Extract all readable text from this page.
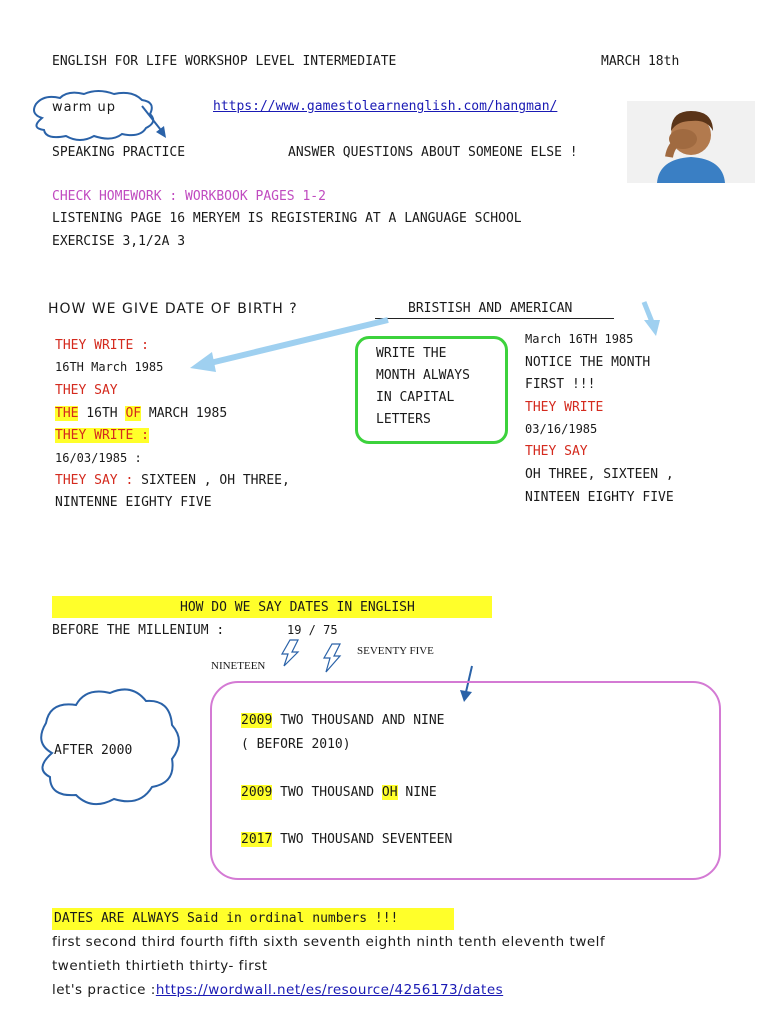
ENGLISH FOR LIFE WORKSHOP LEVEL INTERMEDIATE	MARCH 18th
warm up	https://www.gamestolearnenglish.com/hangman/
SPEAKING PRACTICE	ANSWER QUESTIONS ABOUT SOMEONE ELSE !
CHECK HOMEWORK : WORKBOOK PAGES 1-2
LISTENING PAGE 16 MERYEM IS REGISTERING AT A LANGUAGE SCHOOL
EXERCISE 3,1/2A 3
HOW WE GIVE DATE OF BIRTH ?	BRISTISH AND AMERICAN
THEY WRITE :
16TH March 1985
THEY SAY
THE 16TH OF MARCH 1985
THEY WRITE :
16/03/1985 :
THEY SAY : SIXTEEN , OH THREE,
NINTENNE EIGHTY FIVE
WRITE THE
MONTH ALWAYS
IN CAPITAL
LETTERS
March 16TH 1985
NOTICE THE MONTH
FIRST !!!
THEY WRITE
03/16/1985
THEY SAY
OH THREE, SIXTEEN ,
NINTEEN EIGHTY FIVE
HOW DO WE SAY DATES IN ENGLISH
BEFORE THE MILLENIUM :	19 / 75
NINETEEN
SEVENTY FIVE
AFTER 2000
2009 TWO THOUSAND AND NINE
( BEFORE 2010)
2009 TWO THOUSAND OH NINE
2017 TWO THOUSAND SEVENTEEN
DATES ARE ALWAYS Said in ordinal numbers !!!
first second third fourth fifth sixth seventh eighth ninth tenth eleventh twelf
twentieth thirtieth thirty- first
let's practice :https://wordwall.net/es/resource/4256173/dates
